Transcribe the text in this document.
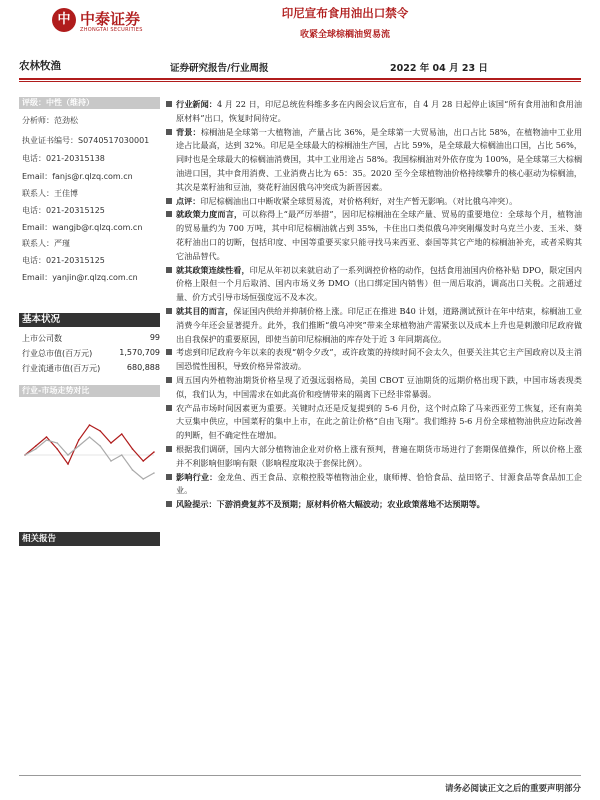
中 中泰证券
ZHONGTAI SECURITIES
印尼宣布食用油出口禁令
收紧全球棕榈油贸易流
农林牧渔	证券研究报告/行业周报	2022 年 04 月 23 日
评级：中性（维持）
分析师：范劲松
执业证书编号：S0740517030001
电话：021-20315138
Email：fanjs@r.qlzq.com.cn
联系人：王佳博
电话：021-20315125
Email：wangjb@r.qlzq.com.cn
联系人：严瑾
电话：021-20315125
Email：yanjin@r.qlzq.com.cn
基本状况
上市公司数	99
行业总市值(百万元)	1,570,709
行业流通市值(百万元)	680,888
行业-市场走势对比
相关报告
行业新闻：4 月 22 日，印尼总统佐科维多多在内阁会议后宣布，自 4 月 28 日起停止该国“所有食用油和食用油原材料”出口，恢复时间待定。
背景：棕榈油是全球第一大植物油，产量占比 36%，是全球第一大贸易油，出口占比 58%，在植物油中工业用途占比最高，达到 32%。印尼是全球最大的棕榈油生产国，占比 59%，是全球最大棕榈油出口国，占比 56%，同时也是全球最大的棕榈油消费国，其中工业用途占 58%。我国棕榈油对外依存度为 100%，是全球第三大棕榈油进口国，其中食用消费、工业消费占比为 65：35。2020 至今全球植物油价格持续攀升的核心驱动为棕榈油，其次是菜籽油和豆油，葵花籽油因俄乌冲突成为新晋因素。
点评：印尼棕榈油出口中断收紧全球贸易流，对价格利好，对生产暂无影响。（对比俄乌冲突）。
就政策力度而言，可以称得上“最严厉举措”，因印尼棕榈油在全球产量、贸易的重要地位：全球每个月，植物油的贸易量约为 700 万吨，其中印尼棕榈油就占到 35%，卡住出口类似俄乌冲突刚爆发时乌克兰小麦、玉米、葵花籽油出口的切断，包括印度、中国等重要买家只能寻找马来西亚、泰国等其它产地的棕榈油补充，或者采购其它油品替代。
就其政策连续性看，印尼从年初以来就启动了一系列调控价格的动作，包括食用油国内价格补贴 DPO，限定国内价格上限但一个月后取消、国内市场义务 DMO（出口绑定国内销售）但一周后取消，调高出口关税。之前通过量、价方式引导市场恒强度远不及本次。
就其目的而言，保证国内供给并抑制价格上涨。印尼正在推进 B40 计划，道路测试预计在年中结束，棕榈油工业消费今年还会显著提升。此外，我们推断“俄乌冲突”带来全球植物油产需紧张以及成本上升也是刺激印尼政府做出自我保护的重要原因，即使当前印尼棕榈油的库存处于近 3 年同期高位。
考虑到印尼政府今年以来的表现“朝令夕改”，或许政策的持续时间不会太久，但要关注其它主产国政府以及主消国恐慌性囤积，导致价格异常波动。
周五国内外植物油期货价格呈现了近强远弱格局，美国 CBOT 豆油期货的远期价格出现下跌，中国市场表现类似，我们认为，中国需求在如此高价和疫情带来的隔离下已经非常暴弱。
农产品市场时间因素更为重要。关键时点还是反复提到的 5-6 月份，这个时点除了马来西亚劳工恢复，还有南美大豆集中供应，中国菜籽的集中上市，在此之前让价格“自由飞翔”。我们维持 5-6 月份全球植物油供应边际改善的判断，但不确定性在增加。
根据我们调研，国内大部分植物油企业对价格上涨有预判，普遍在期货市场进行了套期保值操作，所以价格上涨并不利影响但影响有限（影响程度取决于套保比例）。
影响行业：金龙鱼、西王食品、京粮控股等植物油企业，康师傅、恰恰食品、益田铭子、甘源食品等食品加工企业。
风险提示：下游消费复苏不及预期；原材料价格大幅波动；农业政策落地不达预期等。
请务必阅读正文之后的重要声明部分
